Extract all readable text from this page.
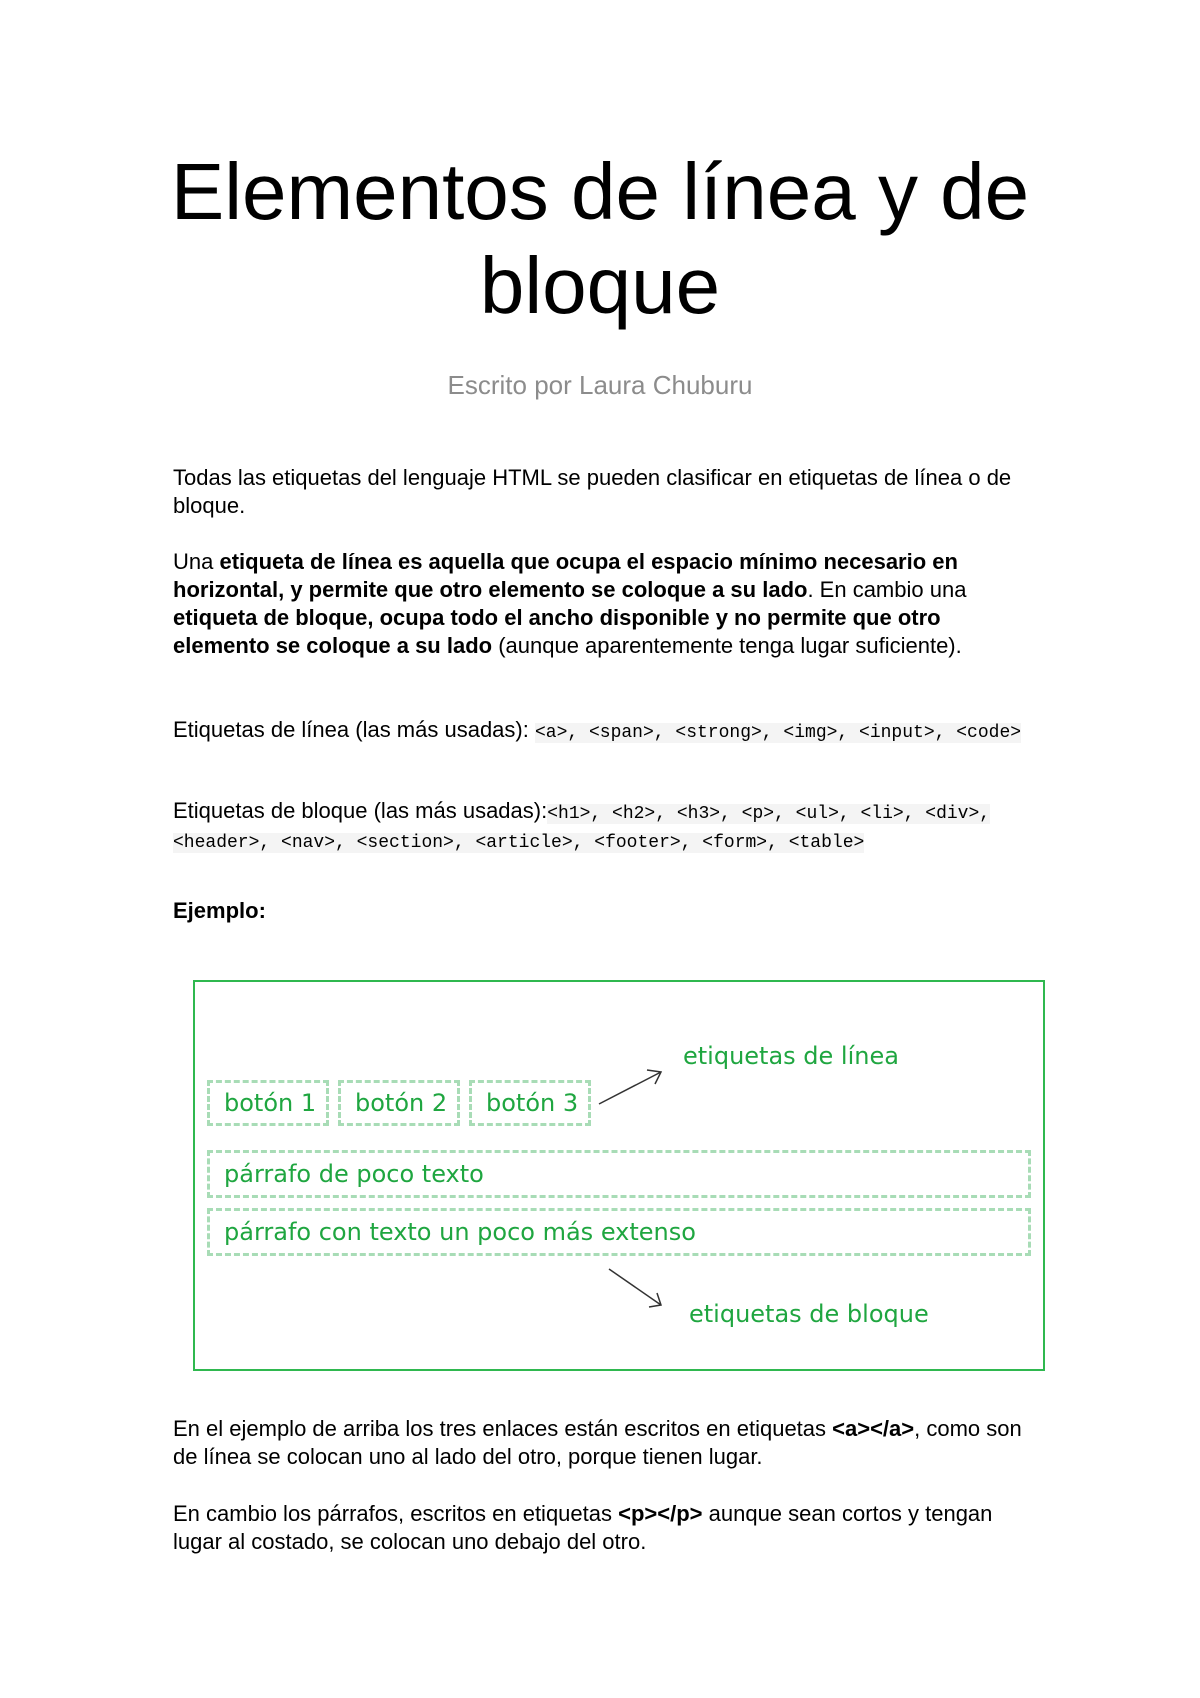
Elementos de línea y de bloque
Escrito por Laura Chuburu

Todas las etiquetas del lenguaje HTML se pueden clasificar en etiquetas de línea o de bloque.

Una etiqueta de línea es aquella que ocupa el espacio mínimo necesario en horizontal, y permite que otro elemento se coloque a su lado. En cambio una etiqueta de bloque, ocupa todo el ancho disponible y no permite que otro elemento se coloque a su lado (aunque aparentemente tenga lugar suficiente).

Etiquetas de línea (las más usadas): <a>, <span>, <strong>, <img>, <input>, <code>

Etiquetas de bloque (las más usadas):<h1>, <h2>, <h3>, <p>, <ul>, <li>, <div>, <header>, <nav>, <section>, <article>, <footer>, <form>, <table>

Ejemplo:

botón 1 botón 2 botón 3
etiquetas de línea
párrafo de poco texto
párrafo con texto un poco más extenso
etiquetas de bloque

En el ejemplo de arriba los tres enlaces están escritos en etiquetas <a></a>, como son de línea se colocan uno al lado del otro, porque tienen lugar.

En cambio los párrafos, escritos en etiquetas <p></p> aunque sean cortos y tengan lugar al costado, se colocan uno debajo del otro.
